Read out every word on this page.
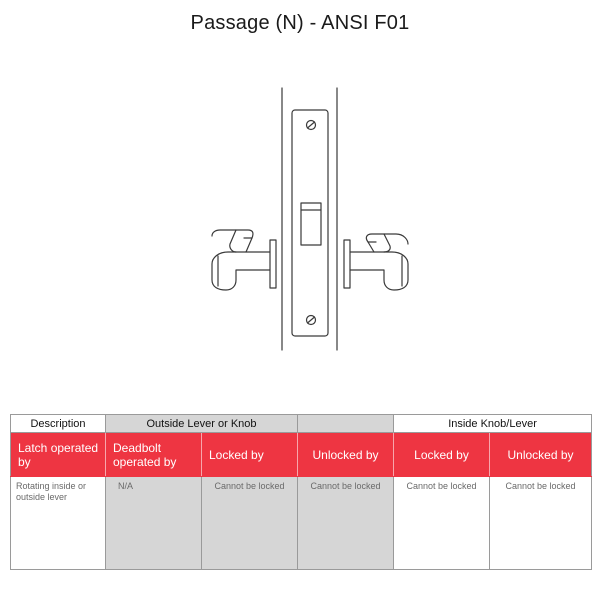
Passage (N) - ANSI F01
Description	Outside Lever or Knob			Inside Knob/Lever	

Latch operated by	Deadbolt operated by	Locked by	Unlocked by	Locked by	Unlocked by

Rotating inside or outside lever	N/A	Cannot be locked	Cannot be locked	Cannot be locked	Cannot be locked
